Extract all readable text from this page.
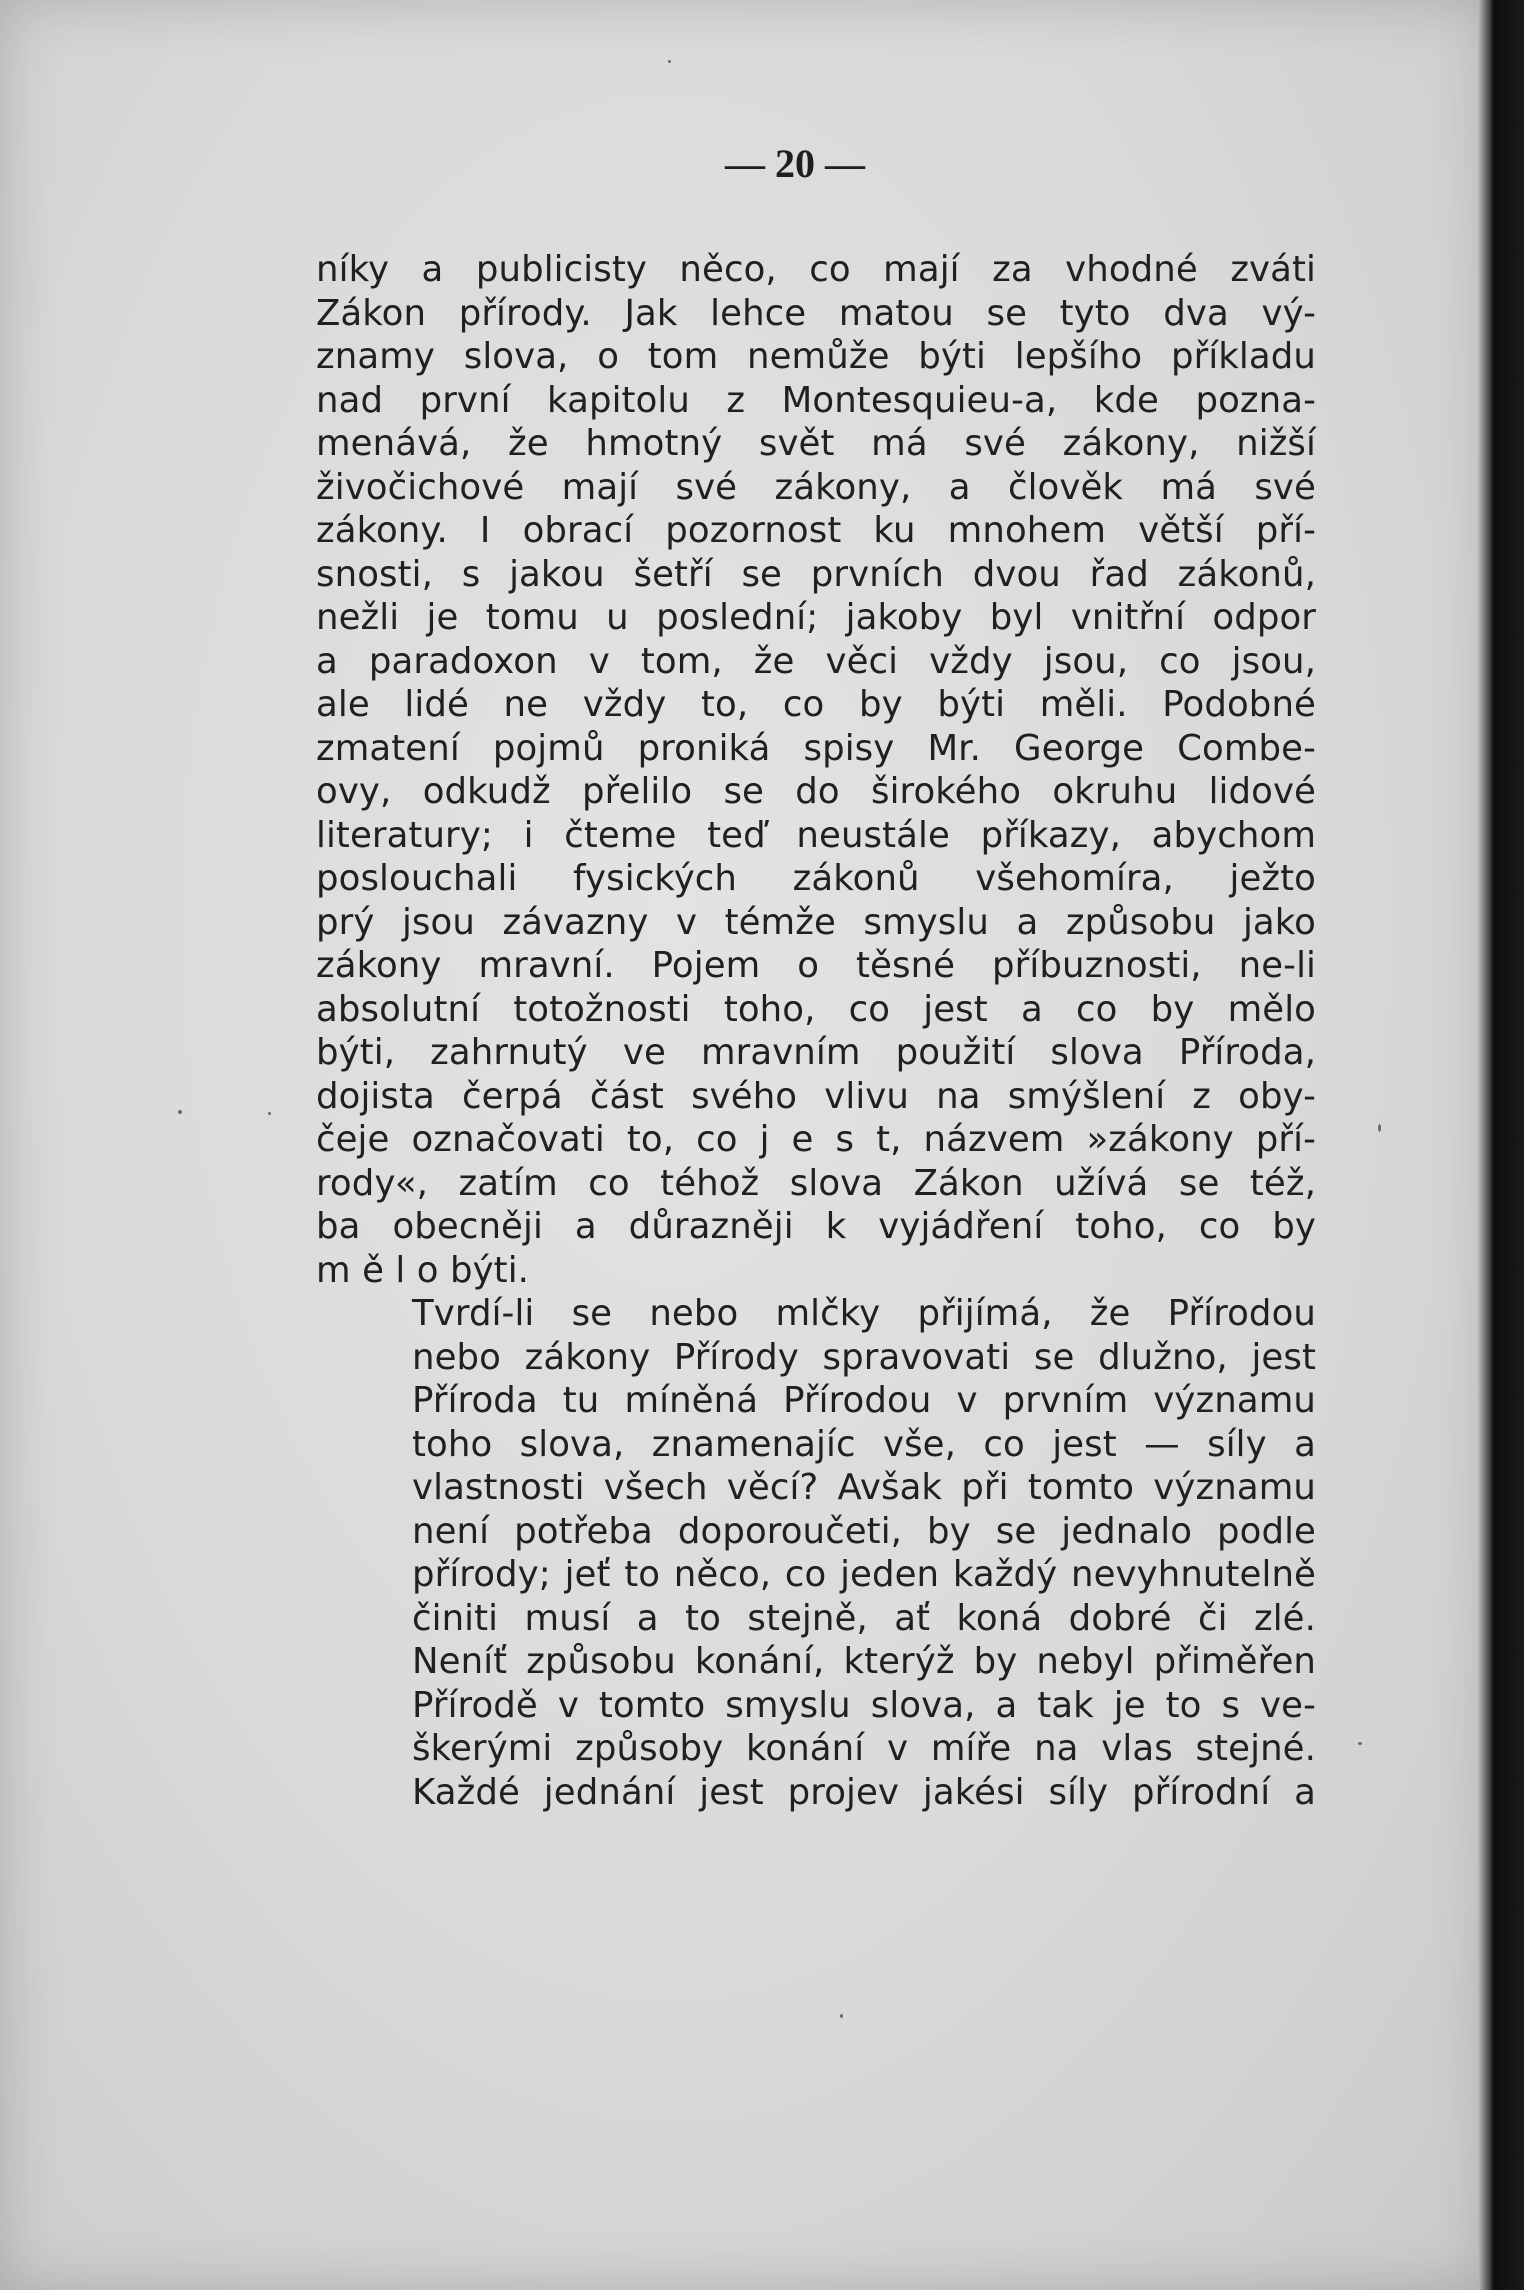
— 20 —

níky a publicisty něco, co mají za vhodné zváti
Zákon přírody. Jak lehce matou se tyto dva vý-
znamy slova, o tom nemůže býti lepšího příkladu
nad první kapitolu z Montesquieu-a, kde pozna-
menává, že hmotný svět má své zákony, nižší
živočichové mají své zákony, a člověk má své
zákony. I obrací pozornost ku mnohem větší pří-
snosti, s jakou šetří se prvních dvou řad zákonů,
nežli je tomu u poslední; jakoby byl vnitřní odpor
a paradoxon v tom, že věci vždy jsou, co jsou,
ale lidé ne vždy to, co by býti měli. Podobné
zmatení pojmů proniká spisy Mr. George Combe-
ovy, odkudž přelilo se do širokého okruhu lidové
literatury; i čteme teď neustále příkazy, abychom
poslouchali fysických zákonů všehomíra, ježto
prý jsou závazny v témže smyslu a způsobu jako
zákony mravní. Pojem o těsné příbuznosti, ne-li
absolutní totožnosti toho, co jest a co by mělo
býti, zahrnutý ve mravním použití slova Příroda,
dojista čerpá část svého vlivu na smýšlení z oby-
čeje označovati to, co j e s t, názvem »zákony pří-
rody«, zatím co téhož slova Zákon užívá se též,
ba obecněji a důrazněji k vyjádření toho, co by
m ě l o býti.

Tvrdí-li se nebo mlčky přijímá, že Přírodou
nebo zákony Přírody spravovati se dlužno, jest
Příroda tu míněná Přírodou v prvním významu
toho slova, znamenajíc vše, co jest — síly a
vlastnosti všech věcí? Avšak při tomto významu
není potřeba doporoučeti, by se jednalo podle
přírody; jeť to něco, co jeden každý nevyhnutelně
činiti musí a to stejně, ať koná dobré či zlé.
Neníť způsobu konání, kterýž by nebyl přiměřen
Přírodě v tomto smyslu slova, a tak je to s ve-
škerými způsoby konání v míře na vlas stejné.
Každé jednání jest projev jakési síly přírodní a
